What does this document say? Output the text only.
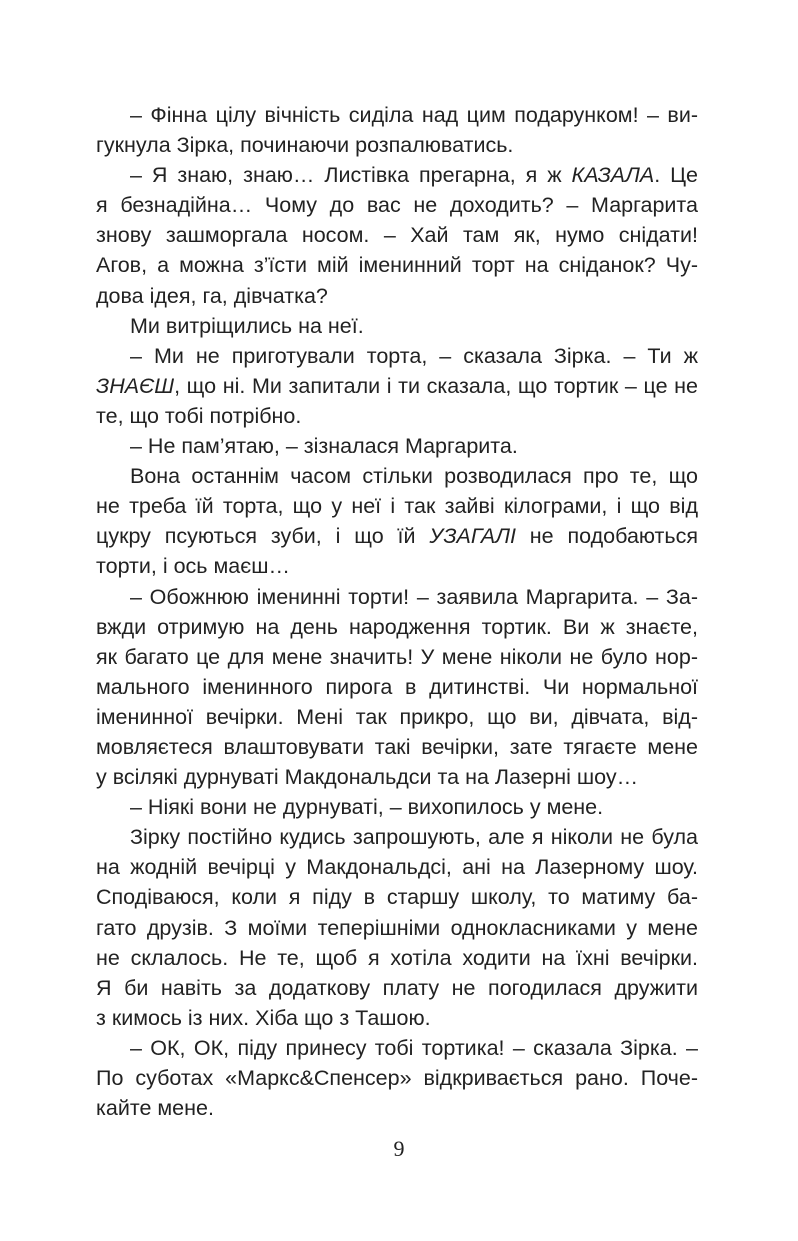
– Фінна цілу вічність сиділа над цим подарунком! – ви-
гукнула Зірка, починаючи розпалюватись.
– Я знаю, знаю… Листівка прегарна, я ж КАЗАЛА. Це
я безнадійна… Чому до вас не доходить? – Маргарита
знову зашморгала носом. – Хай там як, нумо снідати!
Агов, а можна з’їсти мій іменинний торт на сніданок? Чу-
дова ідея, га, дівчатка?
Ми витріщились на неї.
– Ми не приготували торта, – сказала Зірка. – Ти ж
ЗНАЄШ, що ні. Ми запитали і ти сказала, що тортик – це не
те, що тобі потрібно.
– Не пам’ятаю, – зізналася Маргарита.
Вона останнім часом стільки розводилася про те, що
не треба їй торта, що у неї і так зайві кілограми, і що від
цукру псуються зуби, і що їй УЗАГАЛІ не подобаються
торти, і ось маєш…
– Обожнюю іменинні торти! – заявила Маргарита. – За-
вжди отримую на день народження тортик. Ви ж знаєте,
як багато це для мене значить! У мене ніколи не було нор-
мального іменинного пирога в дитинстві. Чи нормальної
іменинної вечірки. Мені так прикро, що ви, дівчата, від-
мовляєтеся влаштовувати такі вечірки, зате тягаєте мене
у всілякі дурнуваті Макдональдси та на Лазерні шоу…
– Ніякі вони не дурнуваті, – вихопилось у мене.
Зірку постійно кудись запрошують, але я ніколи не була
на жодній вечірці у Макдональдсі, ані на Лазерному шоу.
Сподіваюся, коли я піду в старшу школу, то матиму ба-
гато друзів. З моїми теперішніми однокласниками у мене
не склалось. Не те, щоб я хотіла ходити на їхні вечірки.
Я би навіть за додаткову плату не погодилася дружити
з кимось із них. Хіба що з Ташою.
– ОК, ОК, піду принесу тобі тортика! – сказала Зірка. –
По суботах «Маркс&Спенсер» відкривається рано. Поче-
кайте мене.
9
